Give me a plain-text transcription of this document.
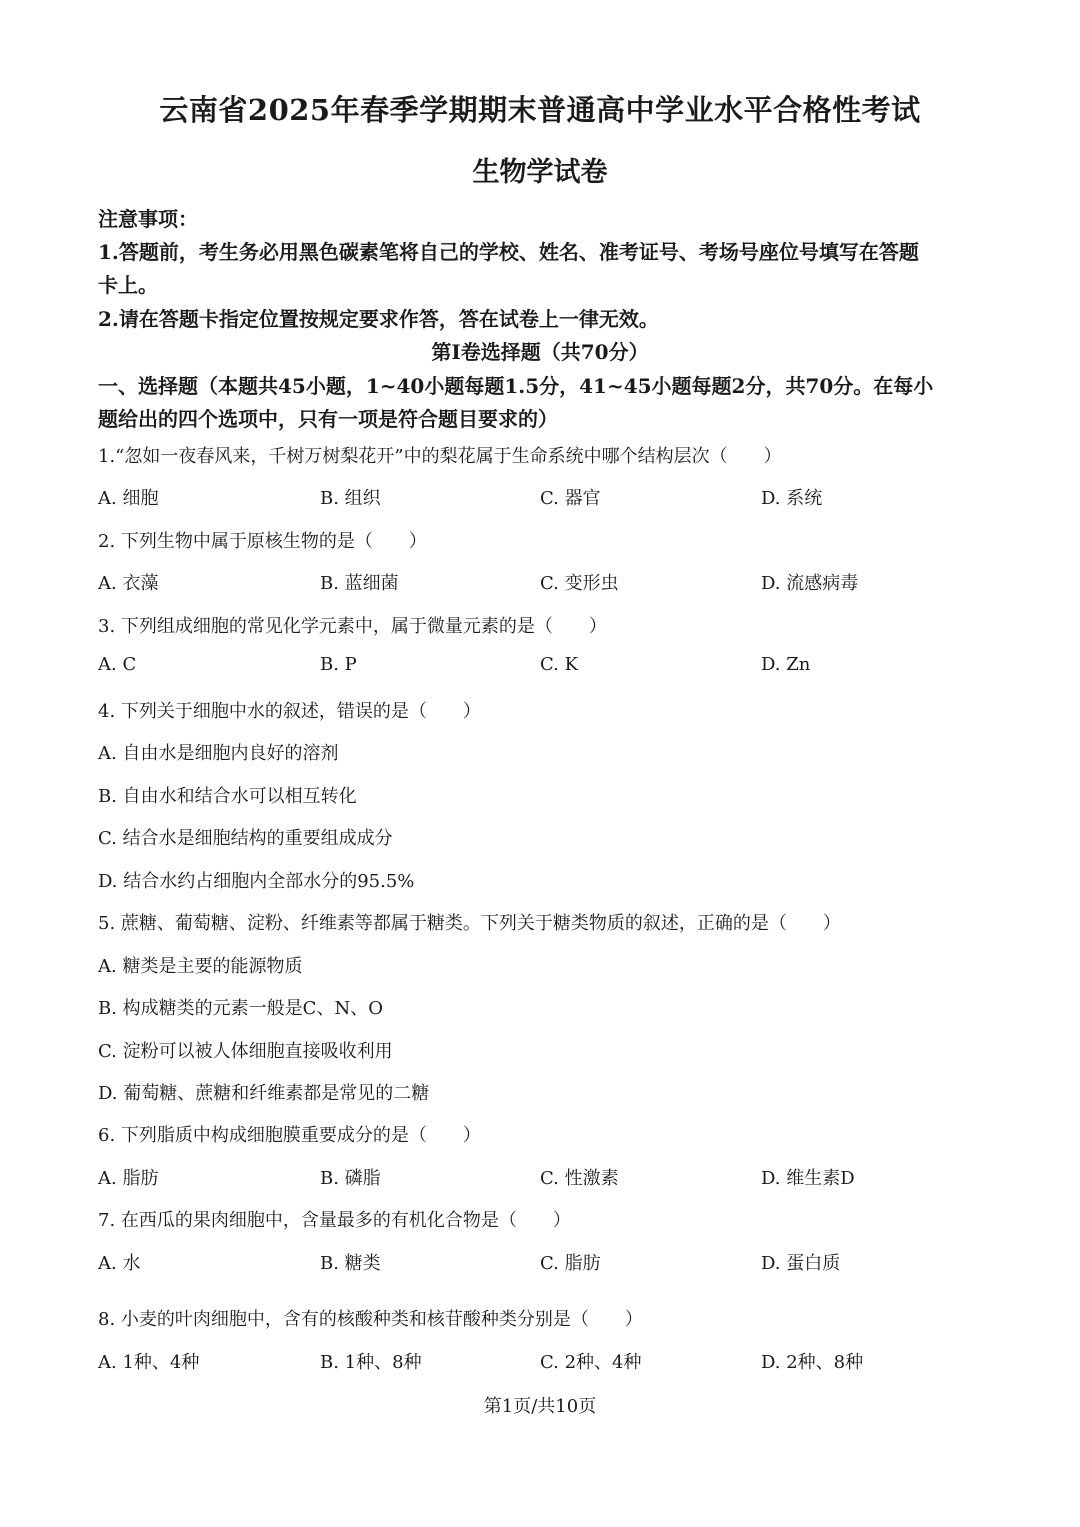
云南省2025年春季学期期末普通高中学业水平合格性考试
生物学试卷
注意事项：
1.答题前，考生务必用黑色碳素笔将自己的学校、姓名、准考证号、考场号座位号填写在答题
卡上。
2.请在答题卡指定位置按规定要求作答，答在试卷上一律无效。
第Ⅰ卷选择题（共70分）
一、选择题（本题共45小题，1~40小题每题1.5分，41~45小题每题2分，共70分。在每小
题给出的四个选项中，只有一项是符合题目要求的）
1.“忽如一夜春风来，千树万树梨花开”中的梨花属于生命系统中哪个结构层次（　　）
A. 细胞	B. 组织	C. 器官	D. 系统
2. 下列生物中属于原核生物的是（　　）
A. 衣藻	B. 蓝细菌	C. 变形虫	D. 流感病毒
3. 下列组成细胞的常见化学元素中，属于微量元素的是（　　）
A. C	B. P	C. K	D. Zn
4. 下列关于细胞中水的叙述，错误的是（　　）
A. 自由水是细胞内良好的溶剂
B. 自由水和结合水可以相互转化
C. 结合水是细胞结构的重要组成成分
D. 结合水约占细胞内全部水分的95.5%
5. 蔗糖、葡萄糖、淀粉、纤维素等都属于糖类。下列关于糖类物质的叙述，正确的是（　　）
A. 糖类是主要的能源物质
B. 构成糖类的元素一般是C、N、O
C. 淀粉可以被人体细胞直接吸收利用
D. 葡萄糖、蔗糖和纤维素都是常见的二糖
6. 下列脂质中构成细胞膜重要成分的是（　　）
A. 脂肪	B. 磷脂	C. 性激素	D. 维生素D
7. 在西瓜的果肉细胞中，含量最多的有机化合物是（　　）
A. 水	B. 糖类	C. 脂肪	D. 蛋白质
8. 小麦的叶肉细胞中，含有的核酸种类和核苷酸种类分别是（　　）
A. 1种、4种	B. 1种、8种	C. 2种、4种	D. 2种、8种
第1页/共10页
